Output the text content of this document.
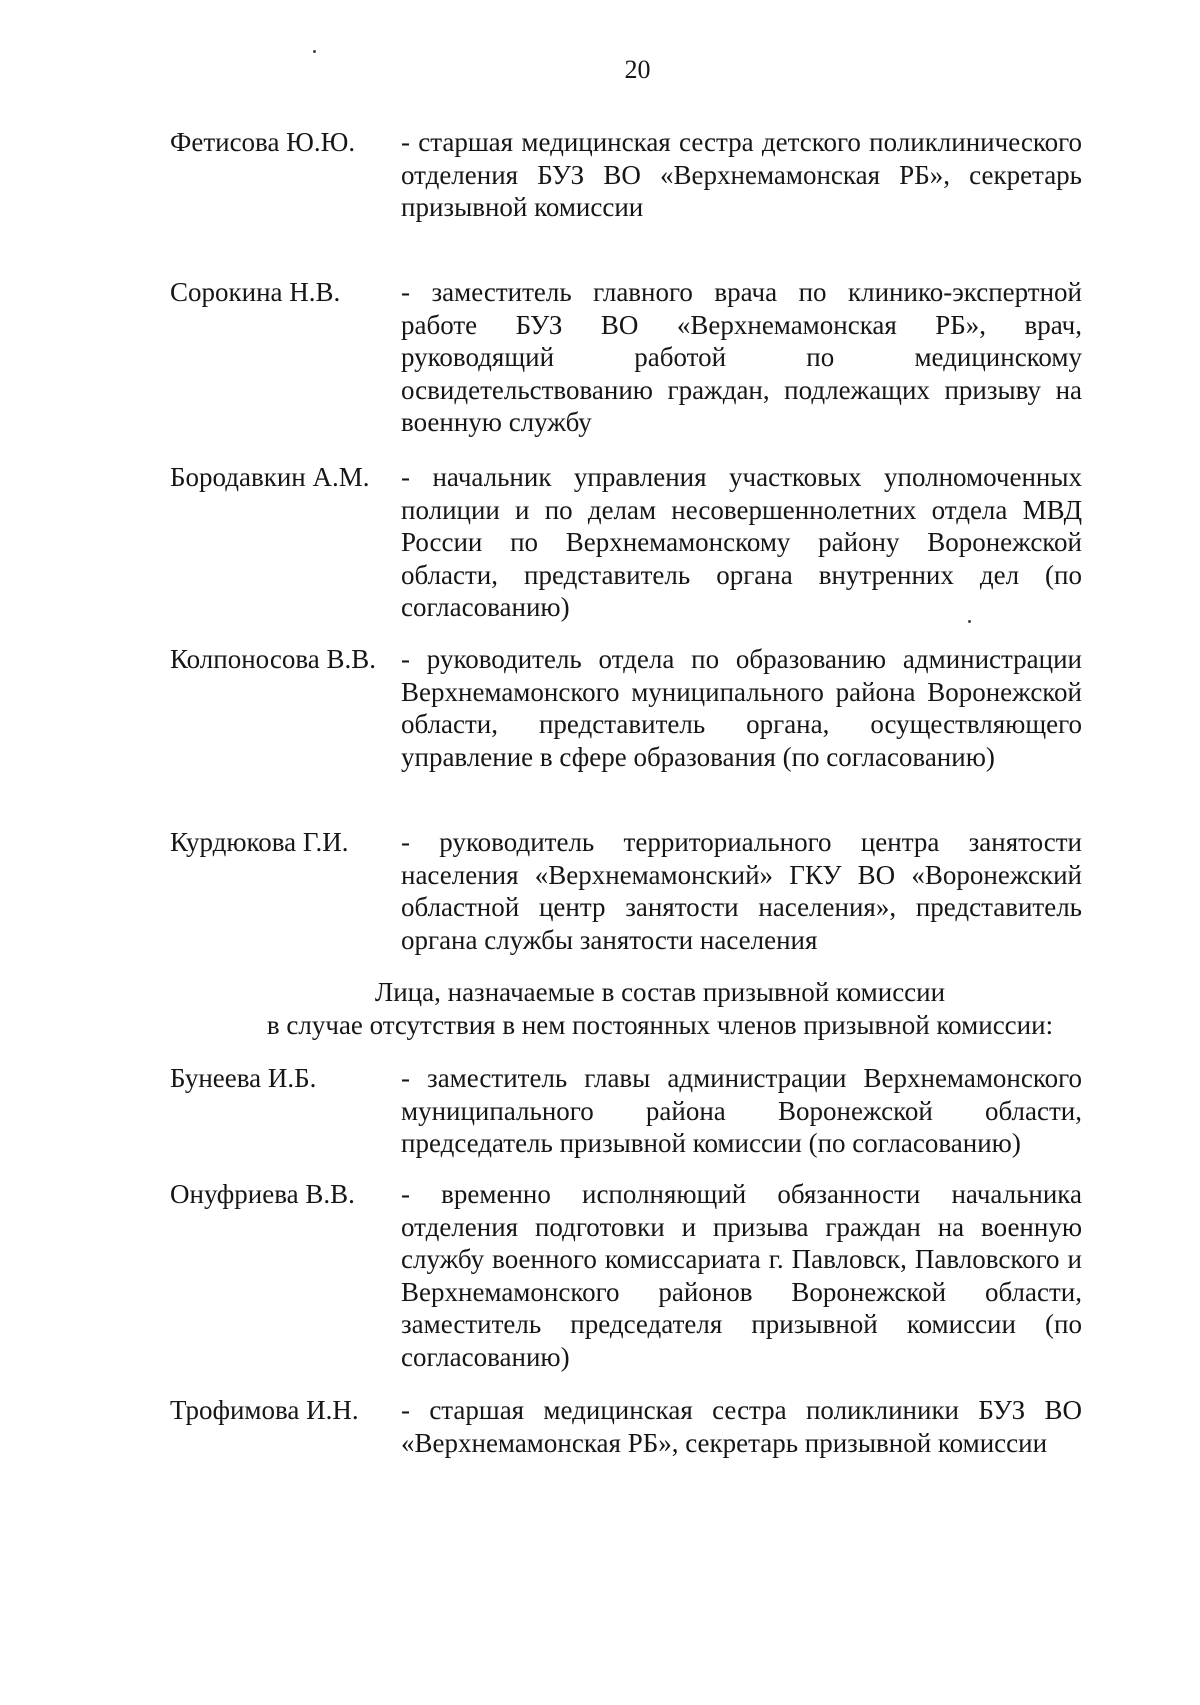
20
Фетисова Ю.Ю. - старшая медицинская сестра детского поликлинического отделения БУЗ ВО «Верхнемамонская РБ», секретарь призывной комиссии
Сорокина Н.В. - заместитель главного врача по клинико-экспертной работе БУЗ ВО «Верхнемамонская РБ», врач, руководящий работой по медицинскому освидетельствованию граждан, подлежащих призыву на военную службу
Бородавкин А.М. - начальник управления участковых уполномоченных полиции и по делам несовершеннолетних отдела МВД России по Верхнемамонскому району Воронежской области, представитель органа внутренних дел (по согласованию)
Колпоносова В.В. - руководитель отдела по образованию администрации Верхнемамонского муниципального района Воронежской области, представитель органа, осуществляющего управление в сфере образования (по согласованию)
Курдюкова Г.И. - руководитель территориального центра занятости населения «Верхнемамонский» ГКУ ВО «Воронежский областной центр занятости населения», представитель органа службы занятости населения
Лица, назначаемые в состав призывной комиссии
в случае отсутствия в нем постоянных членов призывной комиссии:
Бунеева И.Б.	- заместитель главы администрации Верхнемамонского муниципального района Воронежской области, председатель призывной комиссии (по согласованию)
Онуфриева В.В. - временно исполняющий обязанности начальника отделения подготовки и призыва граждан на военную службу военного комиссариата г. Павловск, Павловского и Верхнемамонского районов Воронежской области, заместитель председателя призывной комиссии (по согласованию)
Трофимова И.Н. - старшая медицинская сестра поликлиники БУЗ ВО «Верхнемамонская РБ», секретарь призывной комиссии
